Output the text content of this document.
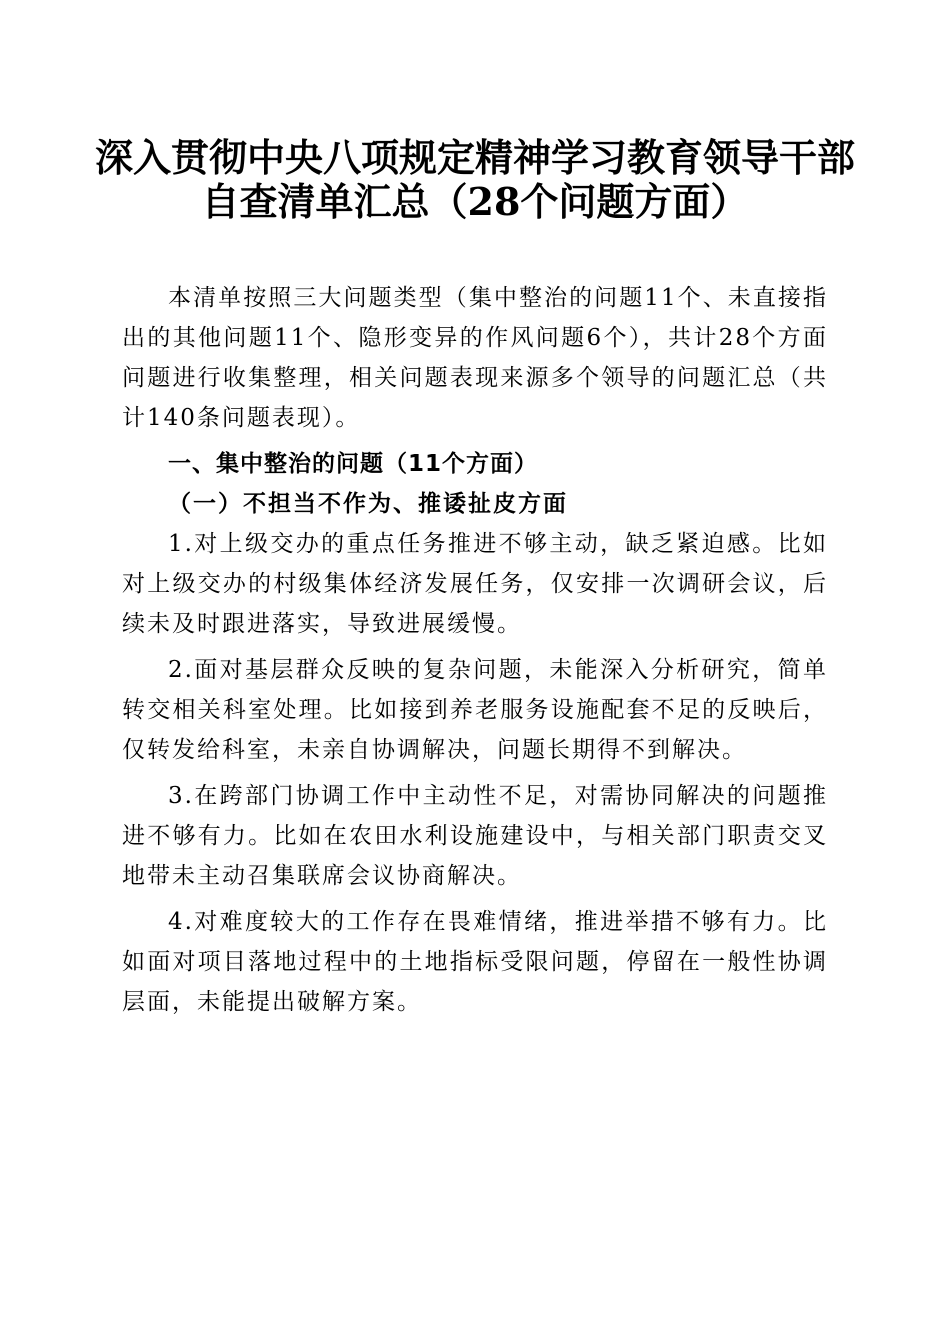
深入贯彻中央八项规定精神学习教育领导干部
自查清单汇总（28个问题方面）

本清单按照三大问题类型（集中整治的问题11个、未直接指出的其他问题11个、隐形变异的作风问题6个），共计28个方面问题进行收集整理，相关问题表现来源多个领导的问题汇总（共计140条问题表现）。

一、集中整治的问题（11个方面）

（一）不担当不作为、推诿扯皮方面

1.对上级交办的重点任务推进不够主动，缺乏紧迫感。比如对上级交办的村级集体经济发展任务，仅安排一次调研会议，后续未及时跟进落实，导致进展缓慢。

2.面对基层群众反映的复杂问题，未能深入分析研究，简单转交相关科室处理。比如接到养老服务设施配套不足的反映后，仅转发给科室，未亲自协调解决，问题长期得不到解决。

3.在跨部门协调工作中主动性不足，对需协同解决的问题推进不够有力。比如在农田水利设施建设中，与相关部门职责交叉地带未主动召集联席会议协商解决。

4.对难度较大的工作存在畏难情绪，推进举措不够有力。比如面对项目落地过程中的土地指标受限问题，停留在一般性协调层面，未能提出破解方案。
